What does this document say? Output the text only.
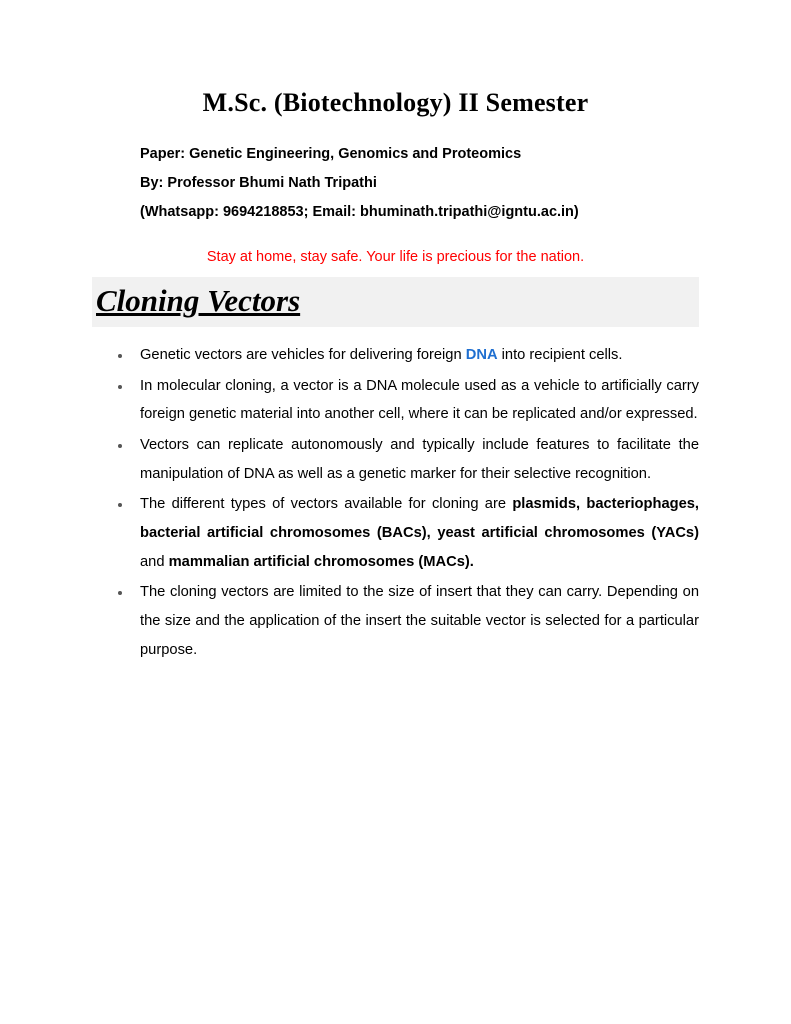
M.Sc. (Biotechnology) II Semester
Paper: Genetic Engineering, Genomics and Proteomics
By: Professor Bhumi Nath Tripathi
(Whatsapp: 9694218853; Email: bhuminath.tripathi@igntu.ac.in)
Stay at home, stay safe. Your life is precious for the nation.
Cloning Vectors
Genetic vectors are vehicles for delivering foreign DNA into recipient cells.
In molecular cloning, a vector is a DNA molecule used as a vehicle to artificially carry foreign genetic material into another cell, where it can be replicated and/or expressed.
Vectors can replicate autonomously and typically include features to facilitate the manipulation of DNA as well as a genetic marker for their selective recognition.
The different types of vectors available for cloning are plasmids, bacteriophages, bacterial artificial chromosomes (BACs), yeast artificial chromosomes (YACs) and mammalian artificial chromosomes (MACs).
The cloning vectors are limited to the size of insert that they can carry. Depending on the size and the application of the insert the suitable vector is selected for a particular purpose.
